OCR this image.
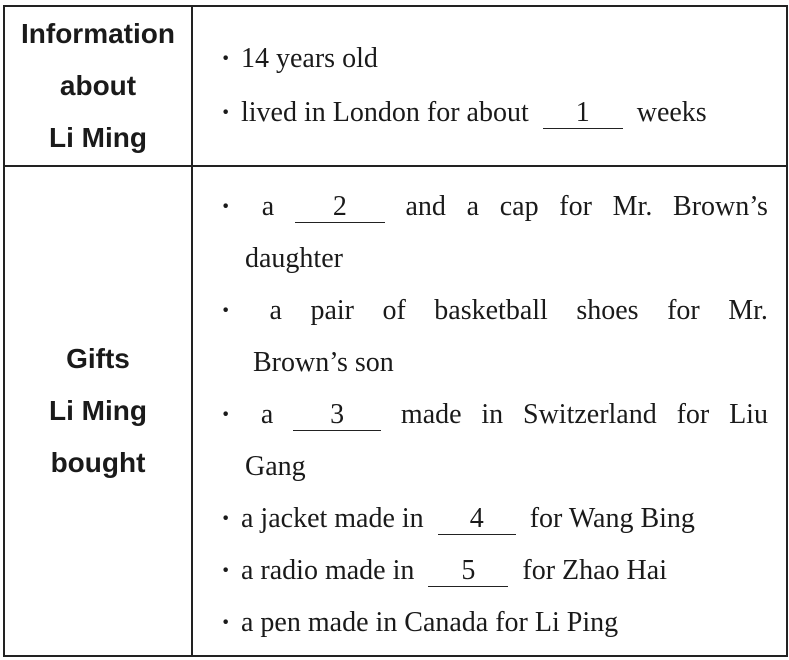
Information
about
Li Ming

· 14 years old
· lived in London for about	1	weeks

Gifts
Li Ming
bought

·	a	2	and a cap for Mr. Brown’s
daughter
·	a pair of basketball shoes for Mr.
Brown’s son
·	a	3	made in Switzerland for Liu
Gang
· a jacket made in	4	for Wang Bing
· a radio made in	5	for Zhao Hai
· a pen made in Canada for Li Ping
